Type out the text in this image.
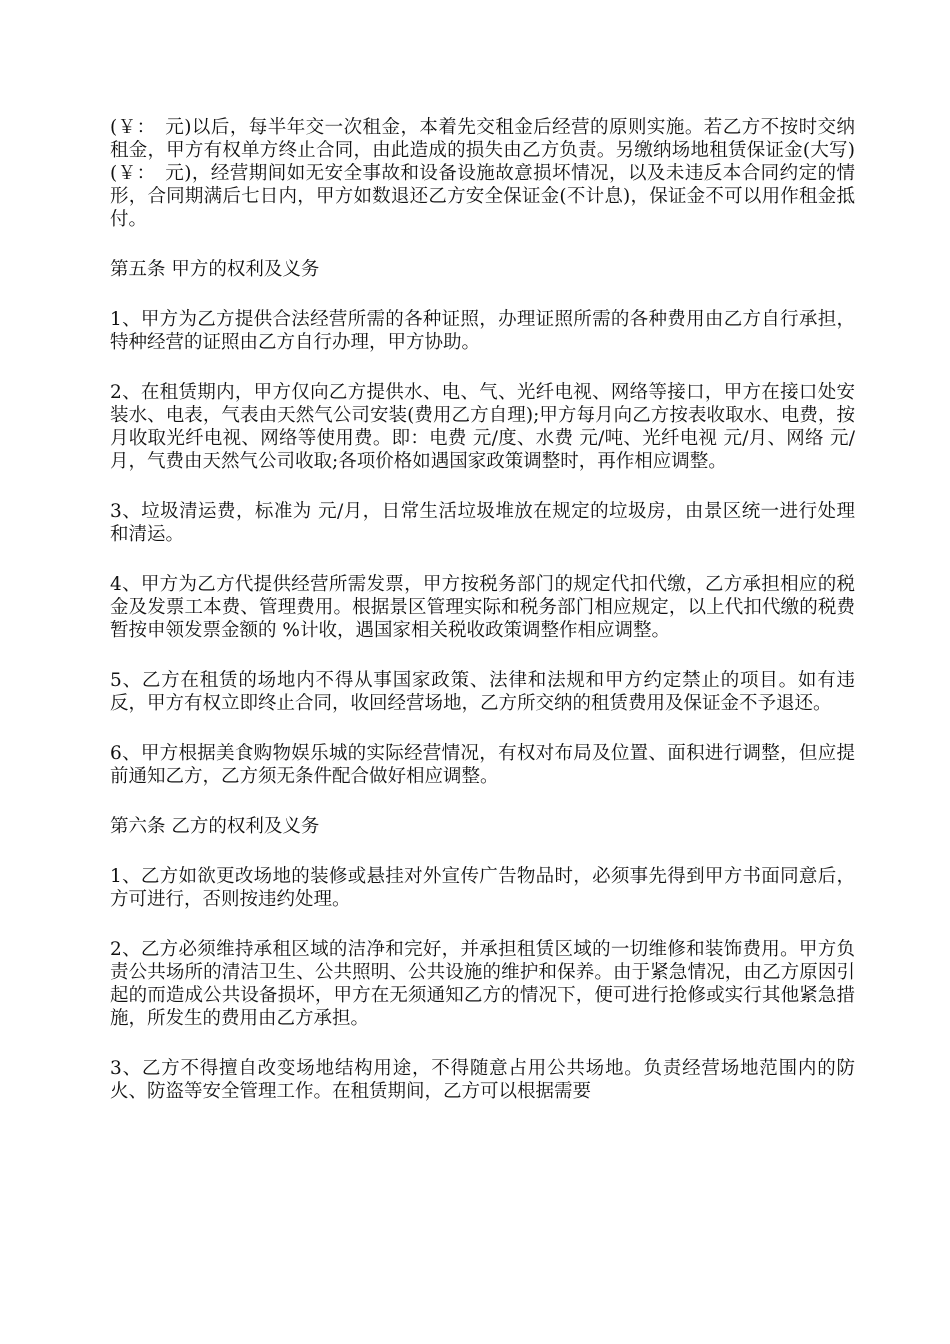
(￥：　元)以后，每半年交一次租金，本着先交租金后经营的原则实施。若乙方不按时交纳租金，甲方有权单方终止合同，由此造成的损失由乙方负责。另缴纳场地租赁保证金(大写)(￥：　元)，经营期间如无安全事故和设备设施故意损坏情况，以及未违反本合同约定的情形，合同期满后七日内，甲方如数退还乙方安全保证金(不计息)，保证金不可以用作租金抵付。

第五条 甲方的权利及义务

1、甲方为乙方提供合法经营所需的各种证照，办理证照所需的各种费用由乙方自行承担，特种经营的证照由乙方自行办理，甲方协助。

2、在租赁期内，甲方仅向乙方提供水、电、气、光纤电视、网络等接口，甲方在接口处安装水、电表，气表由天然气公司安装(费用乙方自理);甲方每月向乙方按表收取水、电费，按月收取光纤电视、网络等使用费。即：电费 元/度、水费 元/吨、光纤电视 元/月、网络 元/月，气费由天然气公司收取;各项价格如遇国家政策调整时，再作相应调整。

3、垃圾清运费，标准为 元/月，日常生活垃圾堆放在规定的垃圾房，由景区统一进行处理和清运。

4、甲方为乙方代提供经营所需发票，甲方按税务部门的规定代扣代缴，乙方承担相应的税金及发票工本费、管理费用。根据景区管理实际和税务部门相应规定，以上代扣代缴的税费暂按申领发票金额的 %计收，遇国家相关税收政策调整作相应调整。

5、乙方在租赁的场地内不得从事国家政策、法律和法规和甲方约定禁止的项目。如有违反，甲方有权立即终止合同，收回经营场地，乙方所交纳的租赁费用及保证金不予退还。

6、甲方根据美食购物娱乐城的实际经营情况，有权对布局及位置、面积进行调整，但应提前通知乙方，乙方须无条件配合做好相应调整。

第六条 乙方的权利及义务

1、乙方如欲更改场地的装修或悬挂对外宣传广告物品时，必须事先得到甲方书面同意后，方可进行，否则按违约处理。

2、乙方必须维持承租区域的洁净和完好，并承担租赁区域的一切维修和装饰费用。甲方负责公共场所的清洁卫生、公共照明、公共设施的维护和保养。由于紧急情况，由乙方原因引起的而造成公共设备损坏，甲方在无须通知乙方的情况下，便可进行抢修或实行其他紧急措施，所发生的费用由乙方承担。

3、乙方不得擅自改变场地结构用途，不得随意占用公共场地。负责经营场地范围内的防火、防盗等安全管理工作。在租赁期间，乙方可以根据需要
